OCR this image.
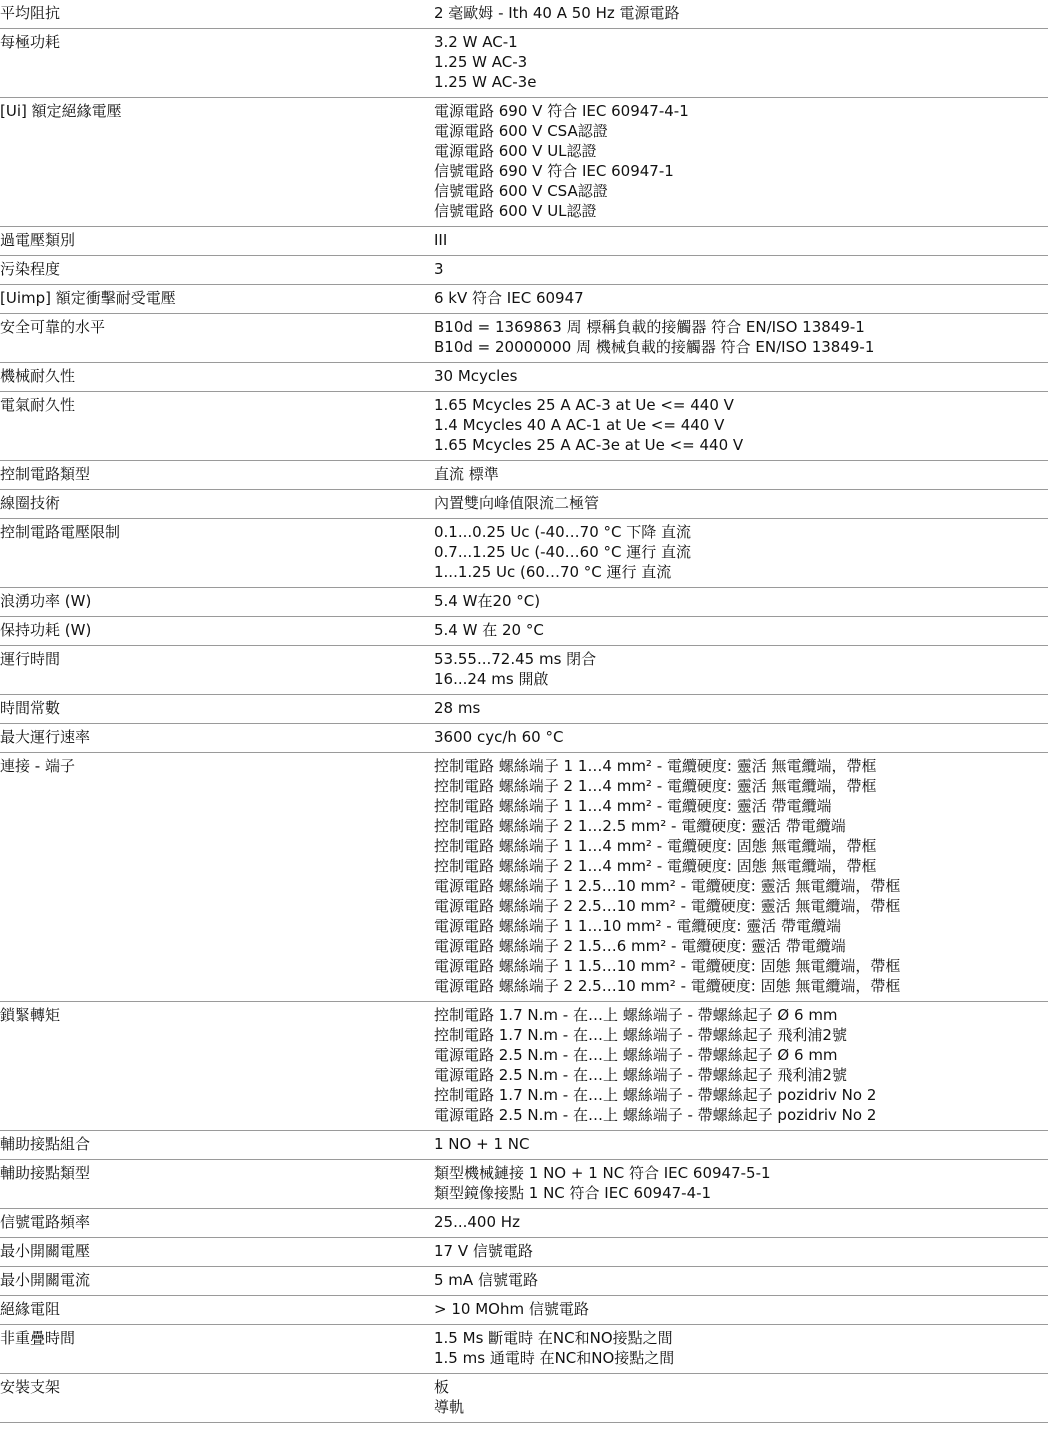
平均阻抗	2 毫歐姆 - Ith 40 A 50 Hz 電源電路
每極功耗	3.2 W AC-1
1.25 W AC-3
1.25 W AC-3e
[Ui] 額定絕緣電壓	電源電路 690 V 符合 IEC 60947-4-1
電源電路 600 V CSA認證
電源電路 600 V UL認證
信號電路 690 V 符合 IEC 60947-1
信號電路 600 V CSA認證
信號電路 600 V UL認證
過電壓類別	III
污染程度	3
[Uimp] 額定衝擊耐受電壓	6 kV 符合 IEC 60947
安全可靠的水平	B10d = 1369863 周 標稱負載的接觸器 符合 EN/ISO 13849-1
B10d = 20000000 周 機械負載的接觸器 符合 EN/ISO 13849-1
機械耐久性	30 Mcycles
電氣耐久性	1.65 Mcycles 25 A AC-3 at Ue <= 440 V
1.4 Mcycles 40 A AC-1 at Ue <= 440 V
1.65 Mcycles 25 A AC-3e at Ue <= 440 V
控制電路類型	直流 標準
線圈技術	內置雙向峰值限流二極管
控制電路電壓限制	0.1...0.25 Uc (-40…70 °C 下降 直流
0.7...1.25 Uc (-40…60 °C 運行 直流
1...1.25 Uc (60…70 °C 運行 直流
浪湧功率 (W)	5.4 W在20 °C)
保持功耗 (W)	5.4 W 在 20 °C
運行時間	53.55...72.45 ms 閉合
16...24 ms 開啟
時間常數	28 ms
最大運行速率	3600 cyc/h 60 °C
連接 - 端子	控制電路 螺絲端子 1 1…4 mm² - 電纜硬度: 靈活 無電纜端，帶框
控制電路 螺絲端子 2 1…4 mm² - 電纜硬度: 靈活 無電纜端，帶框
控制電路 螺絲端子 1 1…4 mm² - 電纜硬度: 靈活 帶電纜端
控制電路 螺絲端子 2 1…2.5 mm² - 電纜硬度: 靈活 帶電纜端
控制電路 螺絲端子 1 1…4 mm² - 電纜硬度: 固態 無電纜端，帶框
控制電路 螺絲端子 2 1…4 mm² - 電纜硬度: 固態 無電纜端，帶框
電源電路 螺絲端子 1 2.5…10 mm² - 電纜硬度: 靈活 無電纜端，帶框
電源電路 螺絲端子 2 2.5…10 mm² - 電纜硬度: 靈活 無電纜端，帶框
電源電路 螺絲端子 1 1…10 mm² - 電纜硬度: 靈活 帶電纜端
電源電路 螺絲端子 2 1.5…6 mm² - 電纜硬度: 靈活 帶電纜端
電源電路 螺絲端子 1 1.5…10 mm² - 電纜硬度: 固態 無電纜端，帶框
電源電路 螺絲端子 2 2.5…10 mm² - 電纜硬度: 固態 無電纜端，帶框
鎖緊轉矩	控制電路 1.7 N.m - 在…上 螺絲端子 - 帶螺絲起子 Ø 6 mm
控制電路 1.7 N.m - 在…上 螺絲端子 - 帶螺絲起子 飛利浦2號
電源電路 2.5 N.m - 在…上 螺絲端子 - 帶螺絲起子 Ø 6 mm
電源電路 2.5 N.m - 在…上 螺絲端子 - 帶螺絲起子 飛利浦2號
控制電路 1.7 N.m - 在…上 螺絲端子 - 帶螺絲起子 pozidriv No 2
電源電路 2.5 N.m - 在…上 螺絲端子 - 帶螺絲起子 pozidriv No 2
輔助接點組合	1 NO + 1 NC
輔助接點類型	類型機械鏈接 1 NO + 1 NC 符合 IEC 60947-5-1
類型鏡像接點 1 NC 符合 IEC 60947-4-1
信號電路頻率	25...400 Hz
最小開關電壓	17 V 信號電路
最小開關電流	5 mA 信號電路
絕緣電阻	> 10 MOhm 信號電路
非重疊時間	1.5 Ms 斷電時 在NC和NO接點之間
1.5 ms 通電時 在NC和NO接點之間
安裝支架	板
導軌
